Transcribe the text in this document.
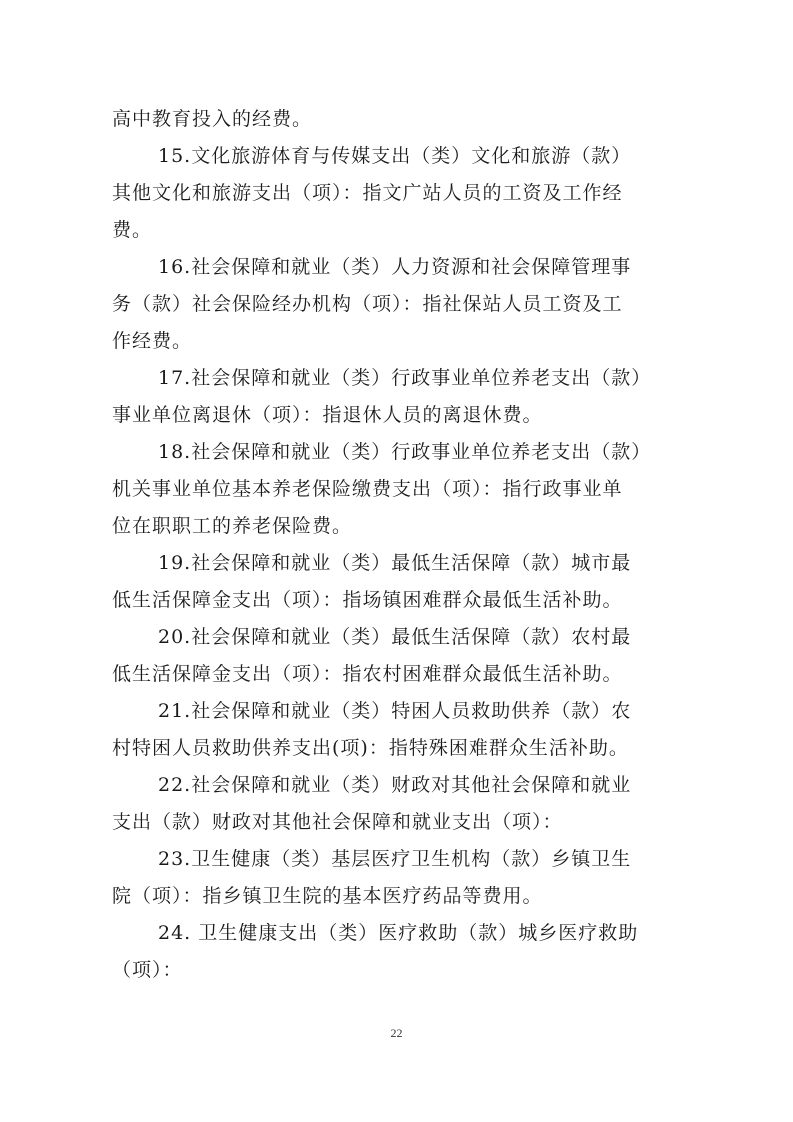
高中教育投入的经费。
15.文化旅游体育与传媒支出（类）文化和旅游（款）
其他文化和旅游支出（项）：指文广站人员的工资及工作经
费。
16.社会保障和就业（类）人力资源和社会保障管理事
务（款）社会保险经办机构（项）：指社保站人员工资及工
作经费。
17.社会保障和就业（类）行政事业单位养老支出（款）
事业单位离退休（项）：指退休人员的离退休费。
18.社会保障和就业（类）行政事业单位养老支出（款）
机关事业单位基本养老保险缴费支出（项）：指行政事业单
位在职职工的养老保险费。
19.社会保障和就业（类）最低生活保障（款）城市最
低生活保障金支出（项）：指场镇困难群众最低生活补助。
20.社会保障和就业（类）最低生活保障（款）农村最
低生活保障金支出（项）：指农村困难群众最低生活补助。
21.社会保障和就业（类）特困人员救助供养（款）农
村特困人员救助供养支出(项)：指特殊困难群众生活补助。
22.社会保障和就业（类）财政对其他社会保障和就业
支出（款）财政对其他社会保障和就业支出（项）：
23.卫生健康（类）基层医疗卫生机构（款）乡镇卫生
院（项）：指乡镇卫生院的基本医疗药品等费用。
24. 卫生健康支出（类）医疗救助（款）城乡医疗救助
（项）：
22
